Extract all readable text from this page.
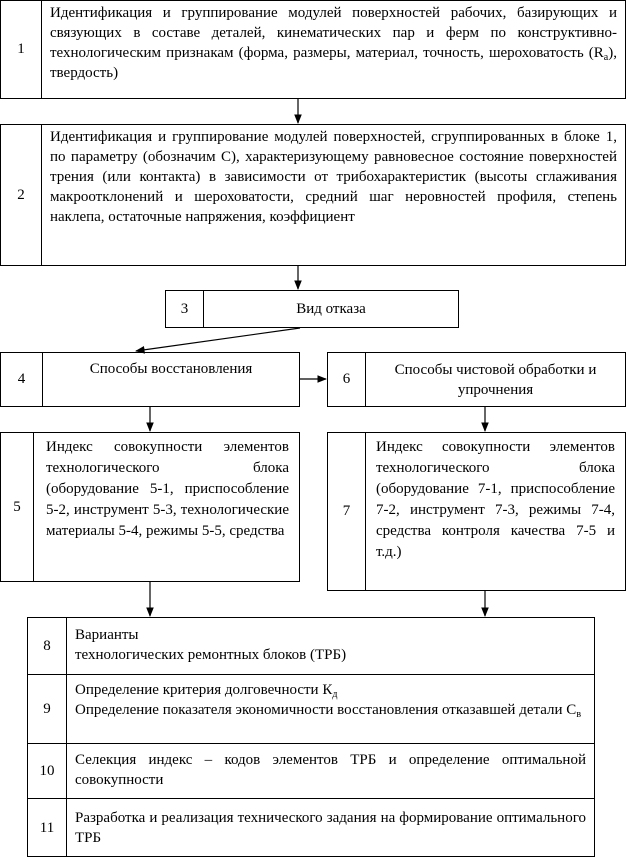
1
Идентификация и группирование модулей поверхностей рабочих, базирующих и связующих в составе деталей, кинематических пар и ферм по конструктивно-технологическим признакам (форма, размеры, материал, точность, шероховатость $(R_a)$, твердость)
2
Идентификация и группирование модулей поверхностей, сгруппированных в блоке 1, по параметру (обозначим С), характеризующему равновесное состояние поверхностей трения (или контакта) в зависимости от трибохарактеристик (высоты сглаживания макроотклонений и шероховатости, средний шаг неровностей профиля, степень наклепа, остаточные напряжения, коэффициент
3	Вид отказа
4
Способы восстановления
6
Способы чистовой обработки и упрочнения
5
Индекс совокупности элементов технологического блока (оборудование 5-1, приспособление 5-2, инструмент 5-3, технологические материалы 5-4, режимы 5-5, средства
7
Индекс совокупности элементов технологического блока (оборудование 7-1, приспособление 7-2, инструмент 7-3, режимы 7-4, средства контроля качества 7-5 и т.д.)
8
Варианты
технологических ремонтных блоков (ТРБ)
9
Определение критерия долговечности $К_д$
Определение показателя экономичности восстановления отказавшей детали $С_в$
10
Селекция индекс – кодов элементов ТРБ и определение оптимальной совокупности
11
Разработка и реализация технического задания на формирование оптимального ТРБ
